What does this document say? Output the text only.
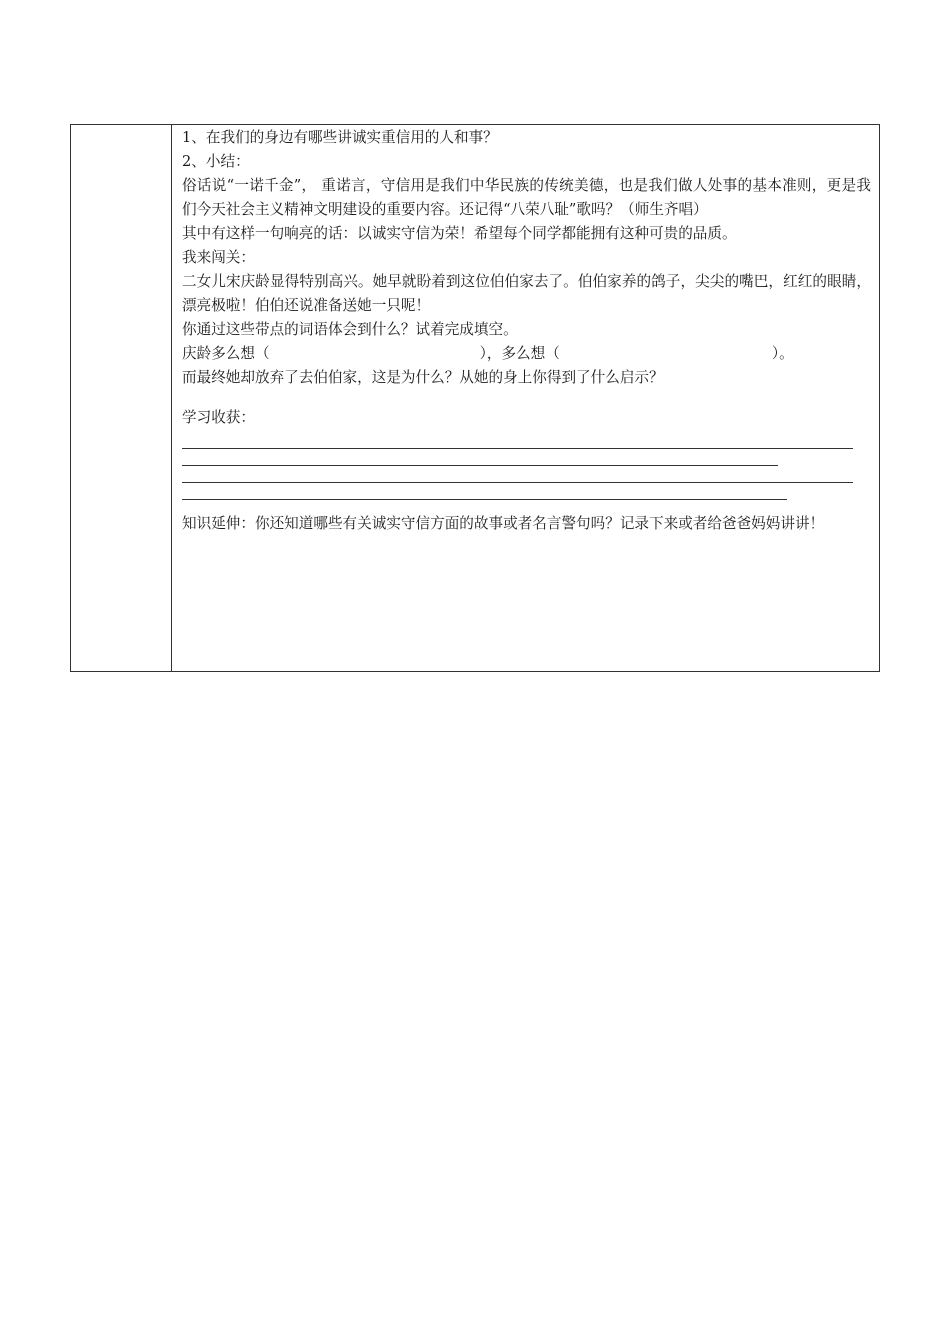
1、在我们的身边有哪些讲诚实重信用的人和事？
2、小结：
俗话说“一诺千金”， 重诺言，守信用是我们中华民族的传统美德，也是我们做人处事的基本准则，更是我们今天社会主义精神文明建设的重要内容。还记得“八荣八耻”歌吗？（师生齐唱）
其中有这样一句响亮的话：以诚实守信为荣！希望每个同学都能拥有这种可贵的品质。
我来闯关：
二女儿宋庆龄显得特别高兴。她早就盼着到这位伯伯家去了。伯伯家养的鸽子，尖尖的嘴巴，红红的眼睛，漂亮极啦！伯伯还说准备送她一只呢！
你通过这些带点的词语体会到什么？试着完成填空。
庆龄多么想（	），多么想（	）。
而最终她却放弃了去伯伯家，这是为什么？从她的身上你得到了什么启示？
学习收获：
知识延伸：你还知道哪些有关诚实守信方面的故事或者名言警句吗？记录下来或者给爸爸妈妈讲讲！
